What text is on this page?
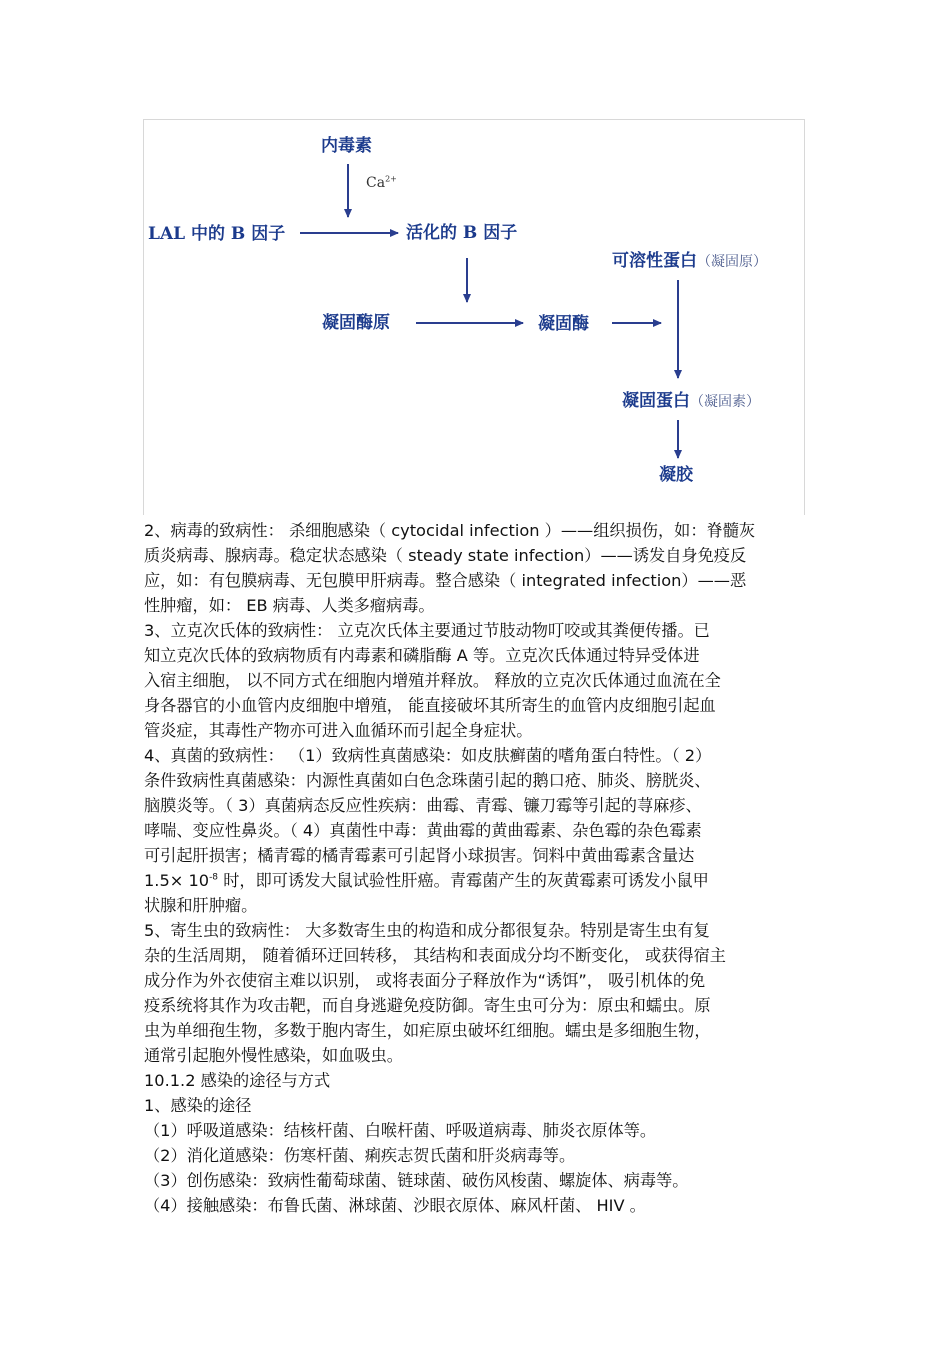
内毒素
$Ca^{2+}$
LAL 中的 B 因子	活化的 B 因子
可溶性蛋白（凝固原）
凝固酶原	凝固酶
凝固蛋白（凝固素）
凝胶
2、病毒的致病性： 杀细胞感染（ cytocidal infection ）——组织损伤，如：脊髓灰
质炎病毒、腺病毒。稳定状态感染（ steady state infection）——诱发自身免疫反
应，如：有包膜病毒、无包膜甲肝病毒。整合感染（ integrated infection）——恶
性肿瘤，如： EB 病毒、人类多瘤病毒。
3、立克次氏体的致病性： 立克次氏体主要通过节肢动物叮咬或其粪便传播。已
知立克次氏体的致病物质有内毒素和磷脂酶 A 等。立克次氏体通过特异受体进
入宿主细胞， 以不同方式在细胞内增殖并释放。 释放的立克次氏体通过血流在全
身各器官的小血管内皮细胞中增殖， 能直接破坏其所寄生的血管内皮细胞引起血
管炎症，其毒性产物亦可进入血循环而引起全身症状。
4、真菌的致病性： （1）致病性真菌感染：如皮肤癣菌的嗜角蛋白特性。（ 2）
条件致病性真菌感染：内源性真菌如白色念珠菌引起的鹅口疮、肺炎、膀胱炎、
脑膜炎等。（ 3）真菌病态反应性疾病：曲霉、青霉、镰刀霉等引起的荨麻疹、
哮喘、变应性鼻炎。（ 4）真菌性中毒：黄曲霉的黄曲霉素、杂色霉的杂色霉素
可引起肝损害；橘青霉的橘青霉素可引起肾小球损害。饲料中黄曲霉素含量达
$1.5\times 10^{-8}$ 时，即可诱发大鼠试验性肝癌。青霉菌产生的灰黄霉素可诱发小鼠甲
状腺和肝肿瘤。
5、寄生虫的致病性： 大多数寄生虫的构造和成分都很复杂。特别是寄生虫有复
杂的生活周期， 随着循环迂回转移， 其结构和表面成分均不断变化， 或获得宿主
成分作为外衣使宿主难以识别， 或将表面分子释放作为“诱饵”， 吸引机体的免
疫系统将其作为攻击靶，而自身逃避免疫防御。寄生虫可分为：原虫和蠕虫。原
虫为单细孢生物，多数于胞内寄生，如疟原虫破坏红细胞。蠕虫是多细胞生物，
通常引起胞外慢性感染，如血吸虫。
10.1.2 感染的途径与方式
1、感染的途径
（1）呼吸道感染：结核杆菌、白喉杆菌、呼吸道病毒、肺炎衣原体等。
（2）消化道感染：伤寒杆菌、痢疾志贺氏菌和肝炎病毒等。
（3）创伤感染：致病性葡萄球菌、链球菌、破伤风梭菌、螺旋体、病毒等。
（4）接触感染：布鲁氏菌、淋球菌、沙眼衣原体、麻风杆菌、 HIV 。
